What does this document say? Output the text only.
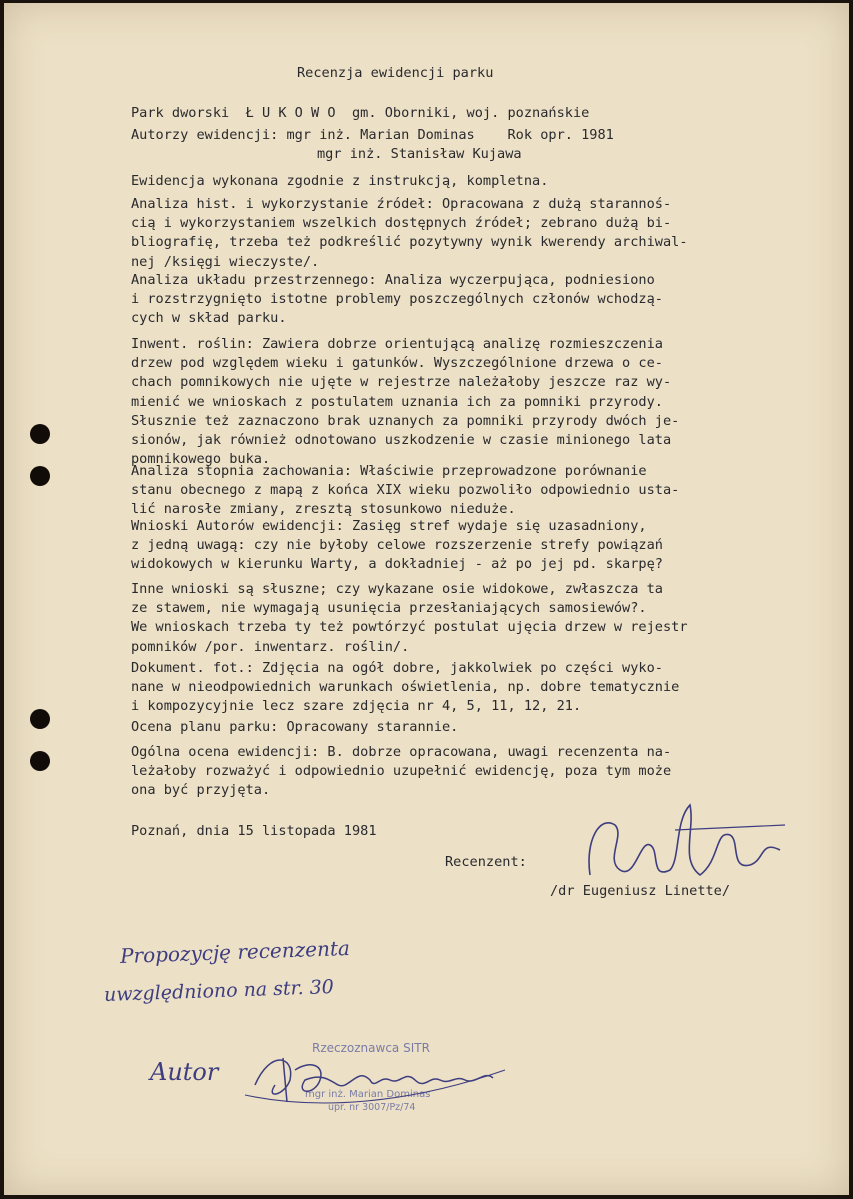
Recenzja ewidencji parku
Park dworski  Ł U K O W O  gm. Oborniki, woj. poznańskie
Autorzy ewidencji: mgr inż. Marian Dominas    Rok opr. 1981
mgr inż. Stanisław Kujawa
Ewidencja wykonana zgodnie z instrukcją, kompletna.
Analiza hist. i wykorzystanie źródeł: Opracowana z dużą starannoś-
cią i wykorzystaniem wszelkich dostępnych źródeł; zebrano dużą bi-
bliografię, trzeba też podkreślić pozytywny wynik kwerendy archiwal-
nej /księgi wieczyste/.
Analiza układu przestrzennego: Analiza wyczerpująca, podniesiono
i rozstrzygnięto istotne problemy poszczególnych członów wchodzą-
cych w skład parku.
Inwent. roślin: Zawiera dobrze orientującą analizę rozmieszczenia
drzew pod względem wieku i gatunków. Wyszczególnione drzewa o ce-
chach pomnikowych nie ujęte w rejestrze należałoby jeszcze raz wy-
mienić we wnioskach z postulatem uznania ich za pomniki przyrody.
Słusznie też zaznaczono brak uznanych za pomniki przyrody dwóch je-
sionów, jak również odnotowano uszkodzenie w czasie minionego lata
pomnikowego buka.
Analiza stopnia zachowania: Właściwie przeprowadzone porównanie
stanu obecnego z mapą z końca XIX wieku pozwoliło odpowiednio usta-
lić narosłe zmiany, zresztą stosunkowo nieduże.
Wnioski Autorów ewidencji: Zasięg stref wydaje się uzasadniony,
z jedną uwagą: czy nie byłoby celowe rozszerzenie strefy powiązań
widokowych w kierunku Warty, a dokładniej - aż po jej pd. skarpę?
Inne wnioski są słuszne; czy wykazane osie widokowe, zwłaszcza ta
ze stawem, nie wymagają usunięcia przesłaniających samosiewów?.
We wnioskach trzeba ty też powtórzyć postulat ujęcia drzew w rejestr
pomników /por. inwentarz. roślin/.
Dokument. fot.: Zdjęcia na ogół dobre, jakkolwiek po części wyko-
nane w nieodpowiednich warunkach oświetlenia, np. dobre tematycznie
i kompozycyjnie lecz szare zdjęcia nr 4, 5, 11, 12, 21.
Ocena planu parku: Opracowany starannie.
Ogólna ocena ewidencji: B. dobrze opracowana, uwagi recenzenta na-
leżałoby rozważyć i odpowiednio uzupełnić ewidencję, poza tym może
ona być przyjęta.
Poznań, dnia 15 listopada 1981
Recenzent:
/dr Eugeniusz Linette/
Propozycję recenzenta
uwzględniono na str. 30
Rzeczoznawca SITR
mgr inż. Marian Dominas
upr. nr 3007/Pz/74
Autor
